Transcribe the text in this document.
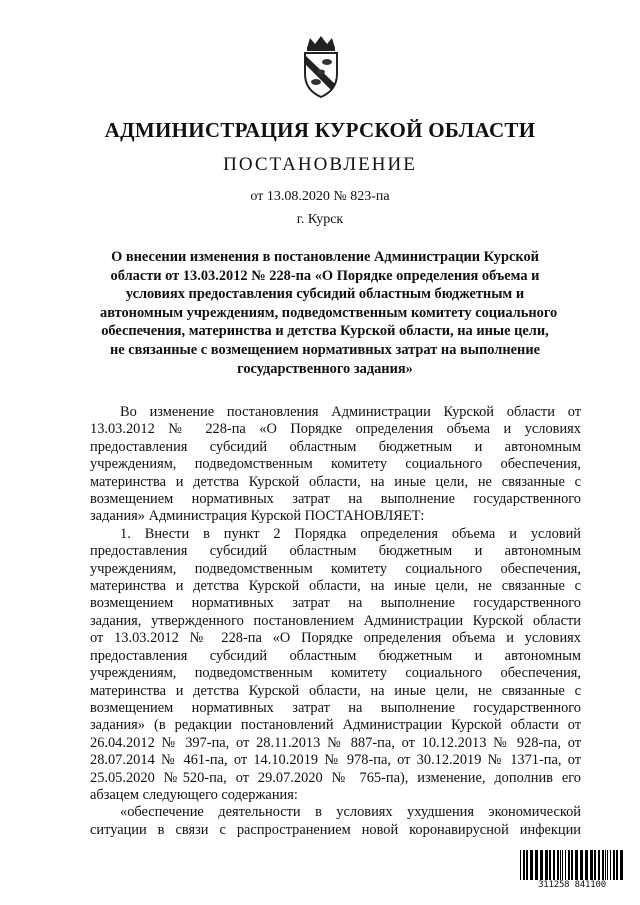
АДМИНИСТРАЦИЯ КУРСКОЙ ОБЛАСТИ
ПОСТАНОВЛЕНИЕ
от 13.08.2020 № 823-па
г. Курск
О внесении изменения в постановление Администрации Курской
области от 13.03.2012 № 228-па «О Порядке определения объема и
условиях предоставления субсидий областным бюджетным и
автономным учреждениям, подведомственным комитету социального
обеспечения, материнства и детства Курской области, на иные цели,
не связанные с возмещением нормативных затрат на выполнение
государственного задания»
Во изменение постановления Администрации Курской области от
13.03.2012 № 228-па «О Порядке определения объема и условиях
предоставления субсидий областным бюджетным и автономным
учреждениям, подведомственным комитету социального обеспечения,
материнства и детства Курской области, на иные цели, не связанные с
возмещением нормативных затрат на выполнение государственного
задания» Администрация Курской ПОСТАНОВЛЯЕТ:
1. Внести в пункт 2 Порядка определения объема и условий
предоставления субсидий областным бюджетным и автономным
учреждениям, подведомственным комитету социального обеспечения,
материнства и детства Курской области, на иные цели, не связанные с
возмещением нормативных затрат на выполнение государственного
задания, утвержденного постановлением Администрации Курской области
от 13.03.2012 № 228-па «О Порядке определения объема и условиях
предоставления субсидий областным бюджетным и автономным
учреждениям, подведомственным комитету социального обеспечения,
материнства и детства Курской области, на иные цели, не связанные с
возмещением нормативных затрат на выполнение государственного
задания» (в редакции постановлений Администрации Курской области от
26.04.2012 № 397-па, от 28.11.2013 № 887-па, от 10.12.2013 № 928-па, от
28.07.2014 № 461-па, от 14.10.2019 № 978-па, от 30.12.2019 № 1371-па, от
25.05.2020 №520-па, от 29.07.2020 № 765-па), изменение, дополнив его
абзацем следующего содержания:
«обеспечение деятельности в условиях ухудшения экономической
ситуации в связи с распространением новой коронавирусной инфекции
311258 841100
